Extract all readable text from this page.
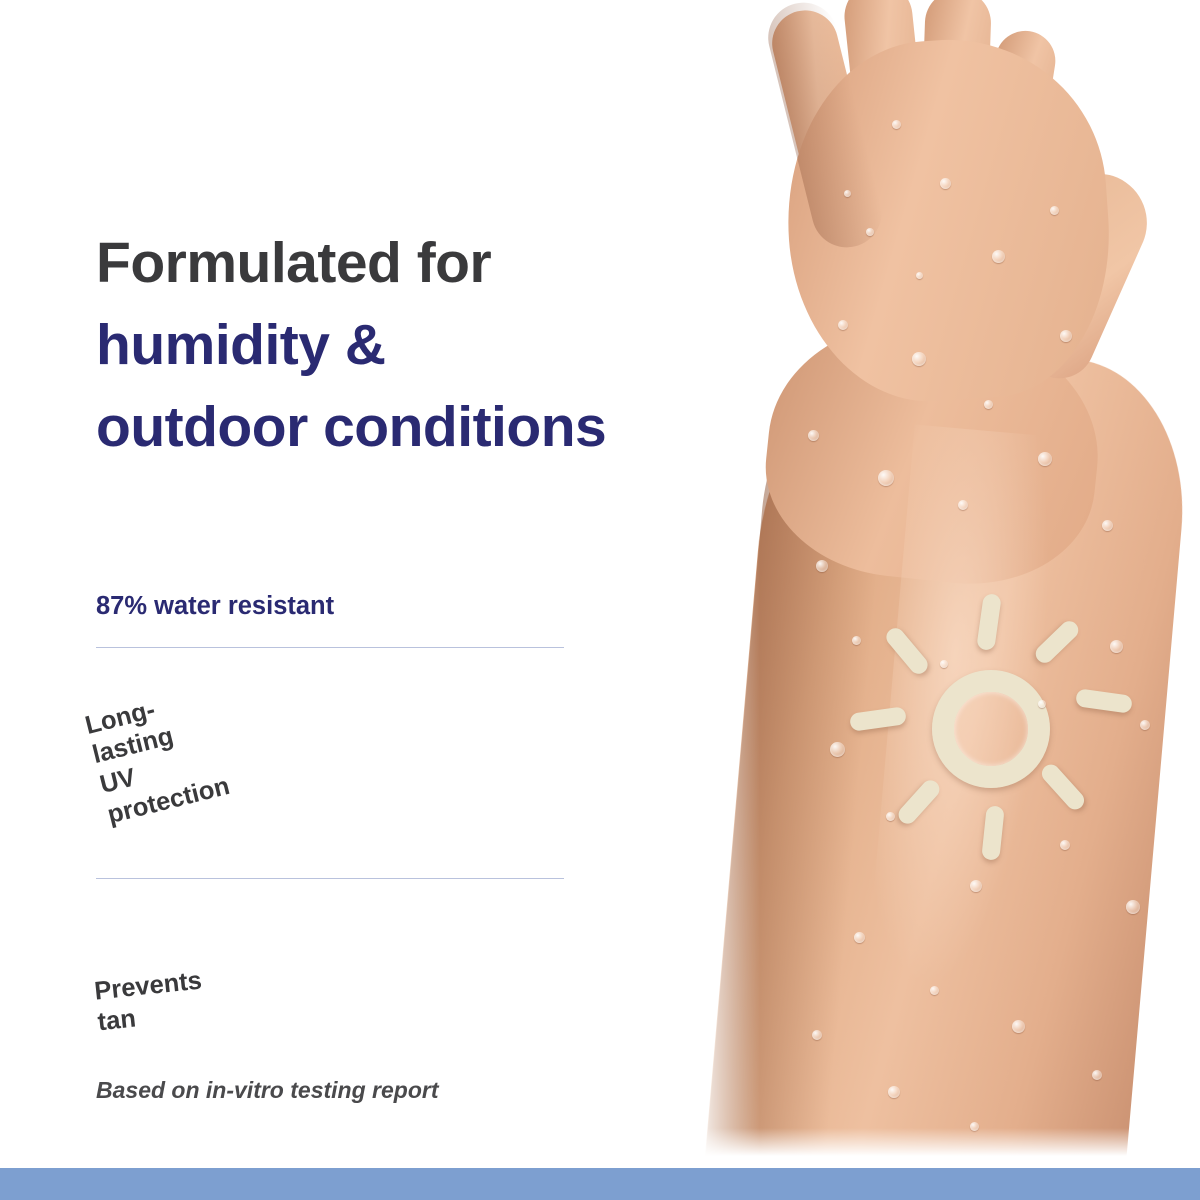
Formulated for
humidity &
outdoor conditions
87% water resistant
Long-lasting UV protection
Prevents tan
Based on in-vitro testing report
